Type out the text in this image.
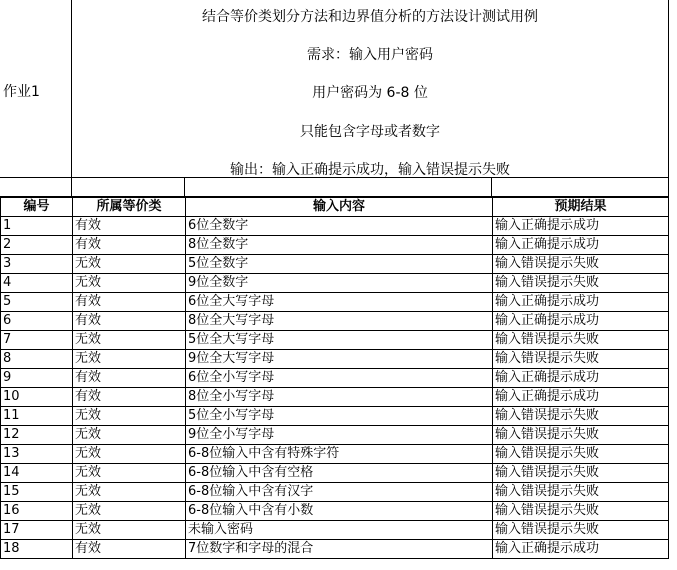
作业1
结合等价类划分方法和边界值分析的方法设计测试用例
需求：输入用户密码
用户密码为 6-8 位
只能包含字母或者数字
输出：输入正确提示成功，输入错误提示失败
编号	所属等价类	输入内容	预期结果
1	有效	6位全数字	输入正确提示成功
2	有效	8位全数字	输入正确提示成功
3	无效	5位全数字	输入错误提示失败
4	无效	9位全数字	输入错误提示失败
5	有效	6位全大写字母	输入正确提示成功
6	有效	8位全大写字母	输入正确提示成功
7	无效	5位全大写字母	输入错误提示失败
8	无效	9位全大写字母	输入错误提示失败
9	有效	6位全小写字母	输入正确提示成功
10	有效	8位全小写字母	输入正确提示成功
11	无效	5位全小写字母	输入错误提示失败
12	无效	9位全小写字母	输入错误提示失败
13	无效	6-8位输入中含有特殊字符	输入错误提示失败
14	无效	6-8位输入中含有空格	输入错误提示失败
15	无效	6-8位输入中含有汉字	输入错误提示失败
16	无效	6-8位输入中含有小数	输入错误提示失败
17	无效	未输入密码	输入错误提示失败
18	有效	7位数字和字母的混合	输入正确提示成功
